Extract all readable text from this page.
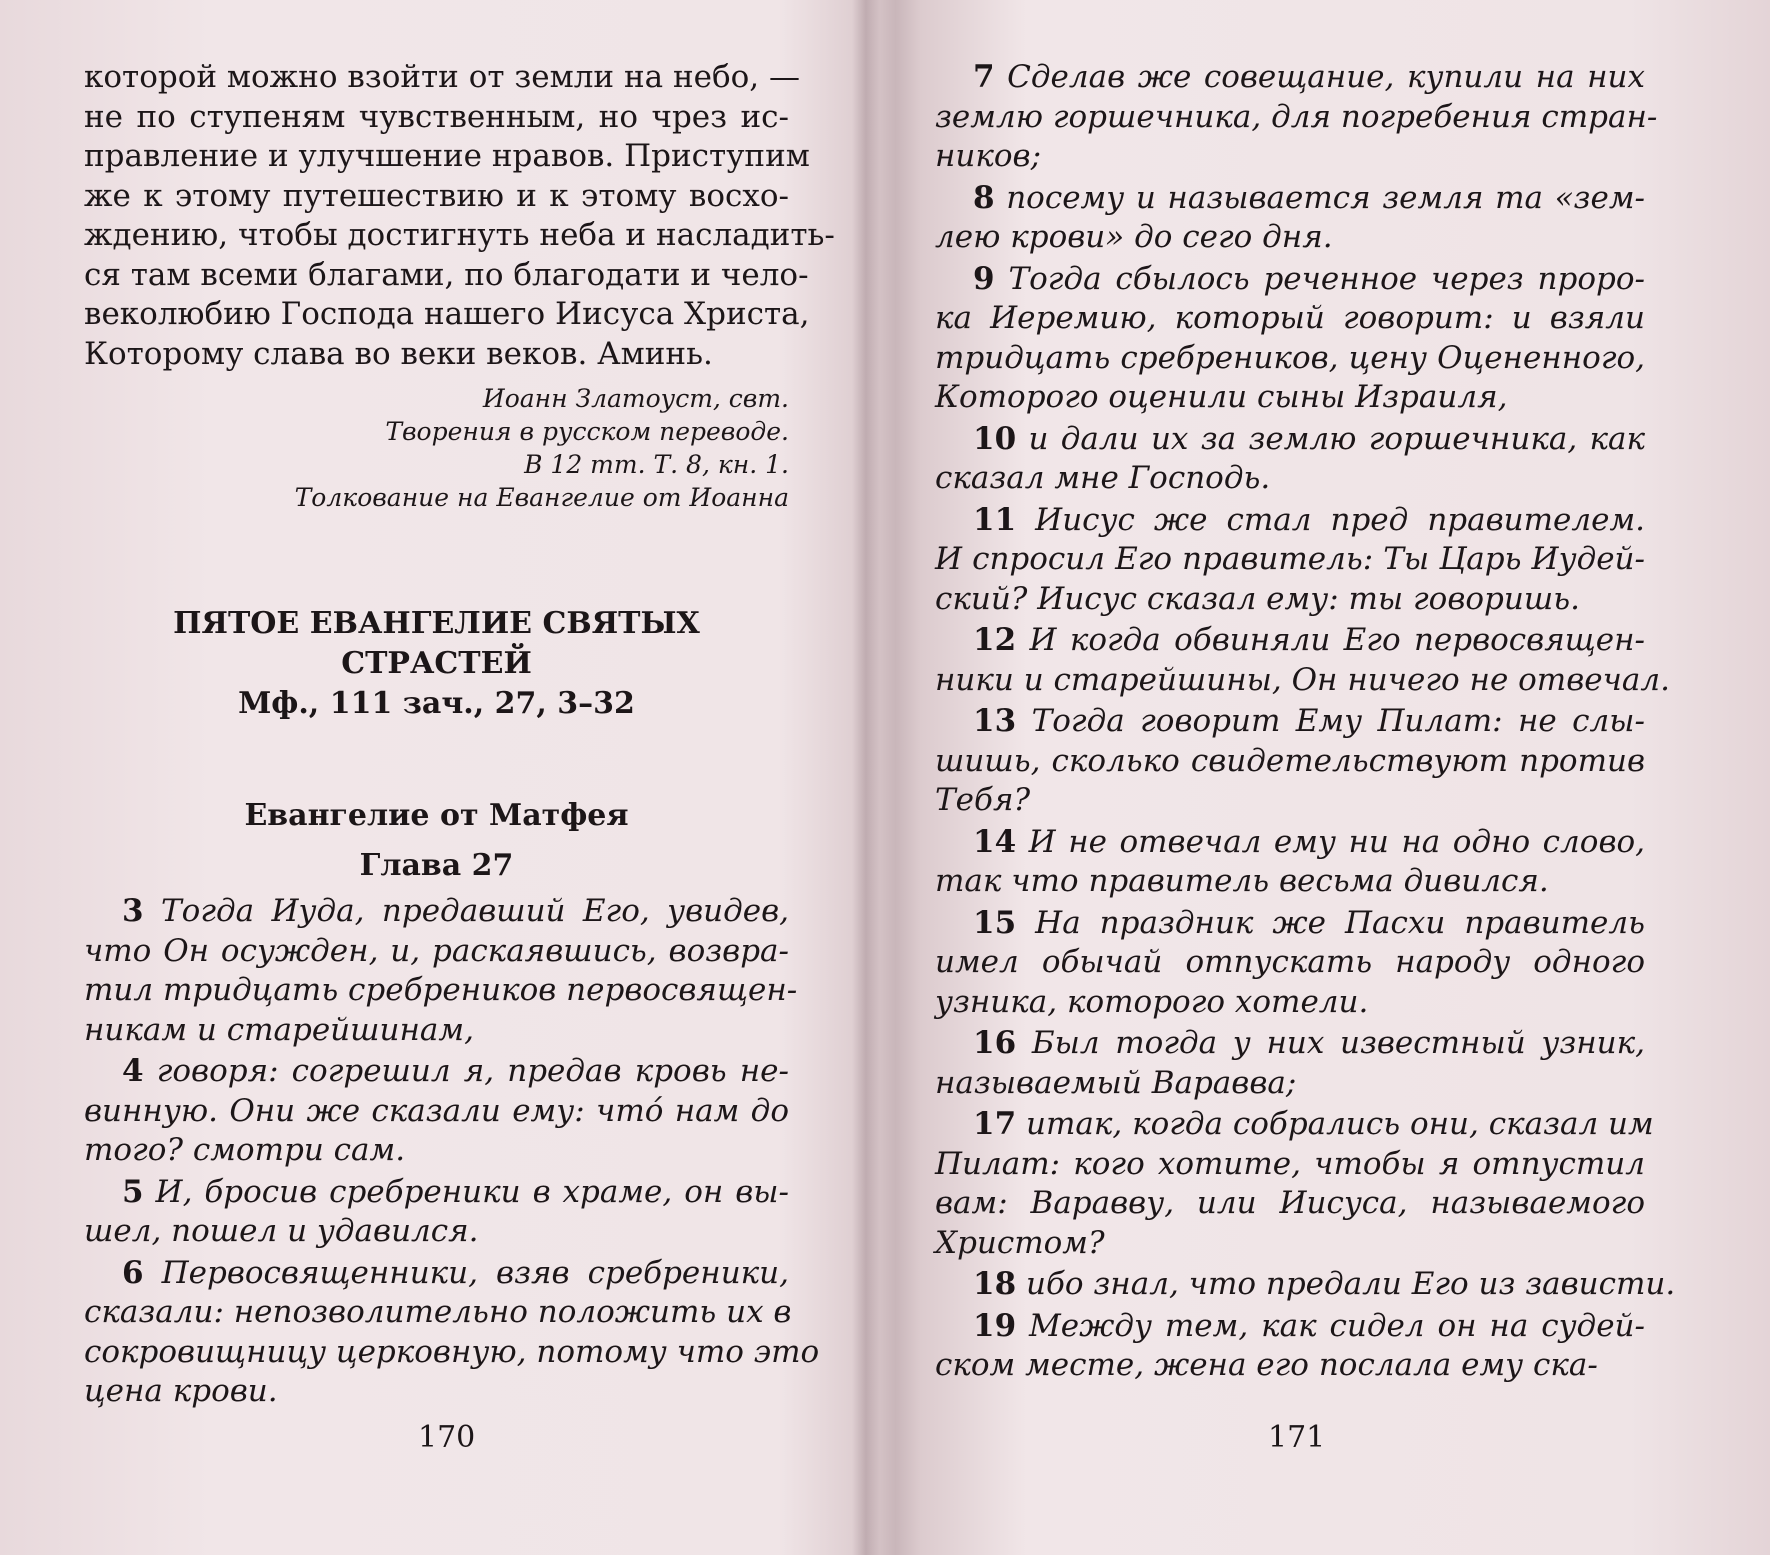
которой можно взойти от земли на небо, —
не по ступеням чувственным, но чрез ис-
правление и улучшение нравов. Приступим
же к этому путешествию и к этому восхо-
ждению, чтобы достигнуть неба и насладить-
ся там всеми благами, по благодати и чело-
веколюбию Господа нашего Иисуса Христа,
Которому слава во веки веков. Аминь.
Иоанн Златоуст, свт.
Творения в русском переводе.
В 12 тт. Т. 8, кн. 1.
Толкование на Евангелие от Иоанна
ПЯТОЕ ЕВАНГЕЛИЕ СВЯТЫХ СТРАСТЕЙ
Мф., 111 зач., 27, 3–32
Евангелие от Матфея
Глава 27
3 Тогда Иуда, предавший Его, увидев,
что Он осужден, и, раскаявшись, возвра-
тил тридцать сребреников первосвящен-
никам и старейшинам,
4 говоря: согрешил я, предав кровь не-
винную. Они же сказали ему: что́ нам до
того? смотри сам.
5 И, бросив сребреники в храме, он вы-
шел, пошел и удавился.
6 Первосвященники, взяв сребреники,
сказали: непозволительно положить их в
сокровищницу церковную, потому что это
цена крови.
7 Сделав же совещание, купили на них
землю горшечника, для погребения стран-
ников;
8 посему и называется земля та «зем-
лею крови» до сего дня.
9 Тогда сбылось реченное через проро-
ка Иеремию, который говорит: и взяли
тридцать сребреников, цену Оцененного,
Которого оценили сыны Израиля,
10 и дали их за землю горшечника, как
сказал мне Господь.
11 Иисус же стал пред правителем.
И спросил Его правитель: Ты Царь Иудей-
ский? Иисус сказал ему: ты говоришь.
12 И когда обвиняли Его первосвящен-
ники и старейшины, Он ничего не отвечал.
13 Тогда говорит Ему Пилат: не слы-
шишь, сколько свидетельствуют против
Тебя?
14 И не отвечал ему ни на одно слово,
так что правитель весьма дивился.
15 На праздник же Пасхи правитель
имел обычай отпускать народу одного
узника, которого хотели.
16 Был тогда у них известный узник,
называемый Варавва;
17 итак, когда собрались они, сказал им
Пилат: кого хотите, чтобы я отпустил
вам: Варавву, или Иисуса, называемого
Христом?
18 ибо знал, что предали Его из зависти.
19 Между тем, как сидел он на судей-
ском месте, жена его послала ему ска-
170	171
